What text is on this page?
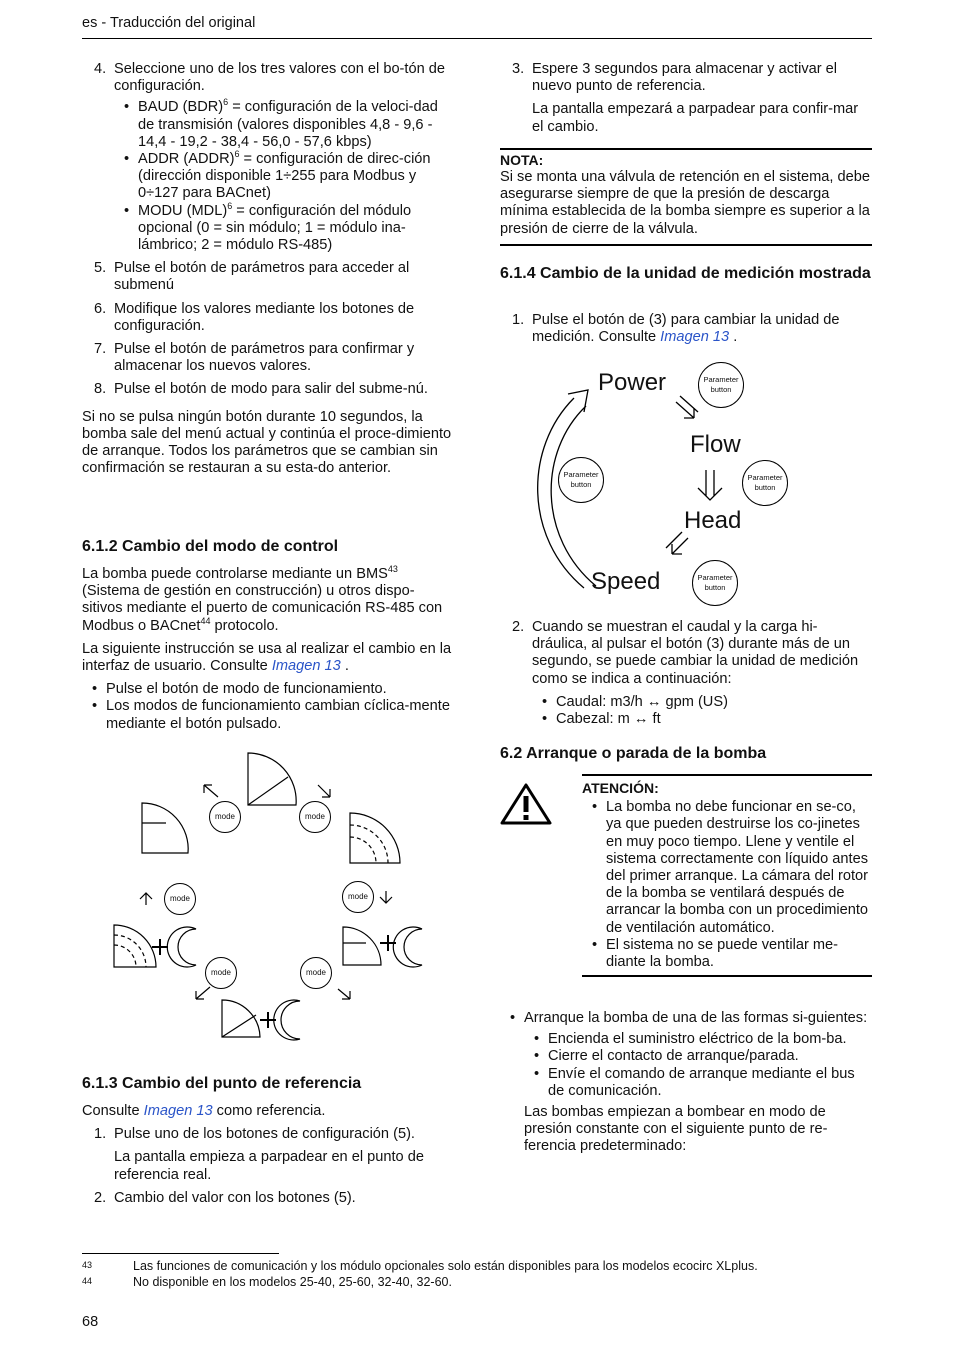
es - Traducción del original
4. Seleccione uno de los tres valores con el bo-tón de configuración.
• BAUD (BDR)$^6$ = configuración de la veloci-dad de transmisión (valores disponibles 4,8 - 9,6 - 14,4 - 19,2 - 38,4 - 56,0 - 57,6 kbps)
• ADDR (ADDR)$^6$ = configuración de direc-ción (dirección disponible 1÷255 para Modbus y 0÷127 para BACnet)
• MODU (MDL)$^6$ = configuración del módulo opcional (0 = sin módulo; 1 = módulo ina-lámbrico; 2 = módulo RS-485)
5. Pulse el botón de parámetros para acceder al submenú
6. Modifique los valores mediante los botones de configuración.
7. Pulse el botón de parámetros para confirmar y almacenar los nuevos valores.
8. Pulse el botón de modo para salir del subme-nú.

Si no se pulsa ningún botón durante 10 segundos, la bomba sale del menú actual y continúa el proce-dimiento de arranque. Todos los parámetros que se cambian sin confirmación se restauran a su esta-do anterior.

6.1.2 Cambio del modo de control

La bomba puede controlarse mediante un BMS$^{43}$ (Sistema de gestión en construcción) u otros dispo-sitivos mediante el puerto de comunicación RS-485 con Modbus o BACnet$^{44}$ protocolo.

La siguiente instrucción se usa al realizar el cambio en la interfaz de usuario. Consulte Imagen 13 .

• Pulse el botón de modo de funcionamiento.
• Los modos de funcionamiento cambian cíclica-mente mediante el botón pulsado.
mode	mode
mode	mode
mode	mode
6.1.3 Cambio del punto de referencia

Consulte Imagen 13 como referencia.

1. Pulse uno de los botones de configuración (5).
La pantalla empieza a parpadear en el punto de referencia real.
2. Cambio del valor con los botones (5).
3. Espere 3 segundos para almacenar y activar el nuevo punto de referencia.
La pantalla empezará a parpadear para confir-mar el cambio.
NOTA:
Si se monta una válvula de retención en el sistema, debe asegurarse siempre de que la presión de descarga mínima establecida de la bomba siempre es superior a la presión de cierre de la válvula.
6.1.4 Cambio de la unidad de medición mostrada
1. Pulse el botón de (3) para cambiar la unidad de medición. Consulte Imagen 13 .
Power
Flow
Head
Speed
Parameter
button
Parameter
button
Parameter
button
Parameter
button
2. Cuando se muestran el caudal y la carga hi-dráulica, al pulsar el botón (3) durante más de un segundo, se puede cambiar la unidad de medición como se indica a continuación:
• Caudal: m3/h ↔ gpm (US)
• Cabezal: m ↔ ft
6.2 Arranque o parada de la bomba
ATENCIÓN:
• La bomba no debe funcionar en se-co, ya que pueden destruirse los co-jinetes en muy poco tiempo. Llene y ventile el sistema correctamente con líquido antes del primer arranque. La cámara del rotor de la bomba se ventilará después de arrancar la bomba con un procedimiento de ventilación automático.
• El sistema no se puede ventilar me-diante la bomba.
• Arranque la bomba de una de las formas si-guientes:
• Encienda el suministro eléctrico de la bom-ba.
• Cierre el contacto de arranque/parada.
• Envíe el comando de arranque mediante el bus de comunicación.
Las bombas empiezan a bombear en modo de presión constante con el siguiente punto de re-ferencia predeterminado:
43	Las funciones de comunicación y los módulo opcionales solo están disponibles para los modelos ecocirc XLplus.
44	No disponible en los modelos 25-40, 25-60, 32-40, 32-60.
68
